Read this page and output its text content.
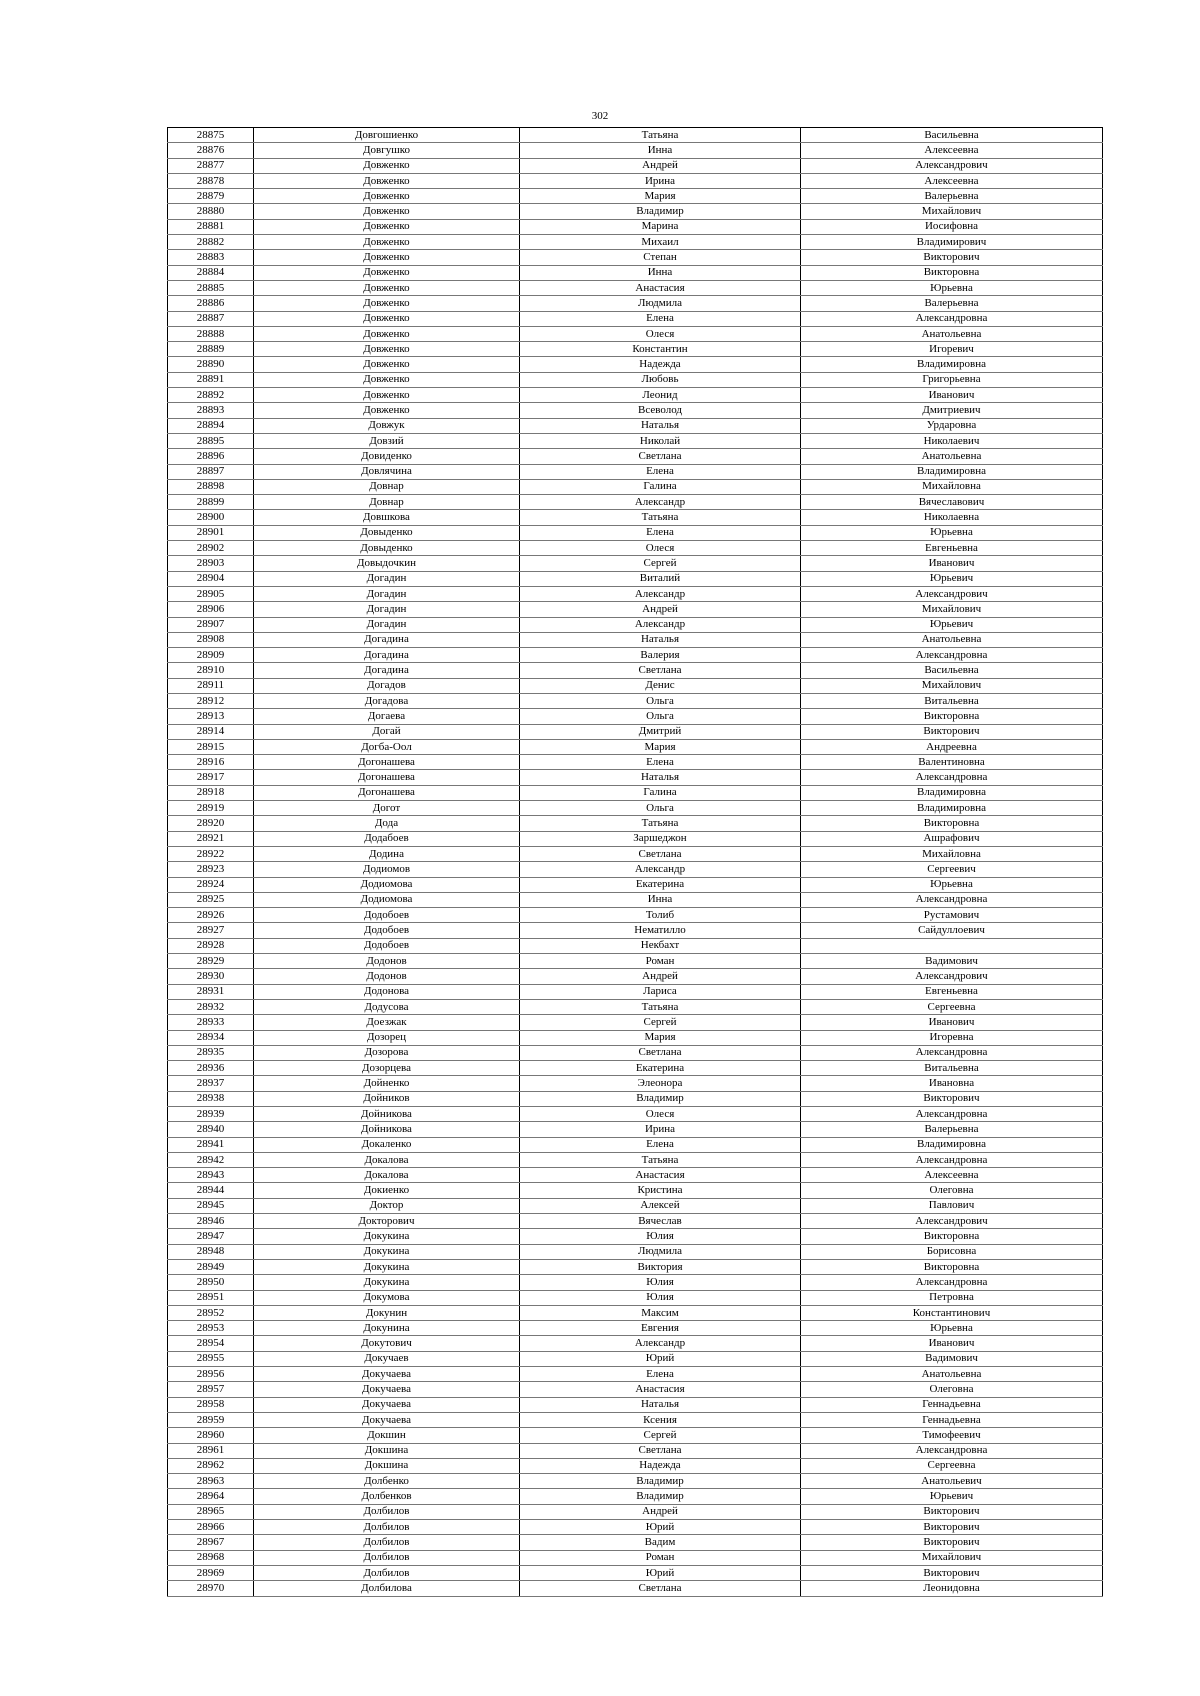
302
28875	Довгошиенко	Татьяна	Васильевна
28876	Довгушко	Инна	Алексеевна
28877	Довженко	Андрей	Александрович
28878	Довженко	Ирина	Алексеевна
28879	Довженко	Мария	Валерьевна
28880	Довженко	Владимир	Михайлович
28881	Довженко	Марина	Иосифовна
28882	Довженко	Михаил	Владимирович
28883	Довженко	Степан	Викторович
28884	Довженко	Инна	Викторовна
28885	Довженко	Анастасия	Юрьевна
28886	Довженко	Людмила	Валерьевна
28887	Довженко	Елена	Александровна
28888	Довженко	Олеся	Анатольевна
28889	Довженко	Константин	Игоревич
28890	Довженко	Надежда	Владимировна
28891	Довженко	Любовь	Григорьевна
28892	Довженко	Леонид	Иванович
28893	Довженко	Всеволод	Дмитриевич
28894	Довжук	Наталья	Урдаровна
28895	Довзий	Николай	Николаевич
28896	Довиденко	Светлана	Анатольевна
28897	Довлячина	Елена	Владимировна
28898	Довнар	Галина	Михайловна
28899	Довнар	Александр	Вячеславович
28900	Довшкова	Татьяна	Николаевна
28901	Довыденко	Елена	Юрьевна
28902	Довыденко	Олеся	Евгеньевна
28903	Довыдочкин	Сергей	Иванович
28904	Догадин	Виталий	Юрьевич
28905	Догадин	Александр	Александрович
28906	Догадин	Андрей	Михайлович
28907	Догадин	Александр	Юрьевич
28908	Догадина	Наталья	Анатольевна
28909	Догадина	Валерия	Александровна
28910	Догадина	Светлана	Васильевна
28911	Догадов	Денис	Михайлович
28912	Догадова	Ольга	Витальевна
28913	Догаева	Ольга	Викторовна
28914	Догай	Дмитрий	Викторович
28915	Догба-Оол	Мария	Андреевна
28916	Догонашева	Елена	Валентиновна
28917	Догонашева	Наталья	Александровна
28918	Догонашева	Галина	Владимировна
28919	Догот	Ольга	Владимировна
28920	Дода	Татьяна	Викторовна
28921	Додабоев	Заршеджон	Ашрафович
28922	Додина	Светлана	Михайловна
28923	Додиомов	Александр	Сергеевич
28924	Додиомова	Екатерина	Юрьевна
28925	Додиомова	Инна	Александровна
28926	Додобоев	Толиб	Рустамович
28927	Додобоев	Нематилло	Сайдуллоевич
28928	Додобоев	Некбахт	
28929	Додонов	Роман	Вадимович
28930	Додонов	Андрей	Александрович
28931	Додонова	Лариса	Евгеньевна
28932	Додусова	Татьяна	Сергеевна
28933	Доезжак	Сергей	Иванович
28934	Дозорец	Мария	Игоревна
28935	Дозорова	Светлана	Александровна
28936	Дозорцева	Екатерина	Витальевна
28937	Дойненко	Элеонора	Ивановна
28938	Дойников	Владимир	Викторович
28939	Дойникова	Олеся	Александровна
28940	Дойникова	Ирина	Валерьевна
28941	Докаленко	Елена	Владимировна
28942	Докалова	Татьяна	Александровна
28943	Докалова	Анастасия	Алексеевна
28944	Докиенко	Кристина	Олеговна
28945	Доктор	Алексей	Павлович
28946	Докторович	Вячеслав	Александрович
28947	Докукина	Юлия	Викторовна
28948	Докукина	Людмила	Борисовна
28949	Докукина	Виктория	Викторовна
28950	Докукина	Юлия	Александровна
28951	Докумова	Юлия	Петровна
28952	Докунин	Максим	Константинович
28953	Докунина	Евгения	Юрьевна
28954	Докутович	Александр	Иванович
28955	Докучаев	Юрий	Вадимович
28956	Докучаева	Елена	Анатольевна
28957	Докучаева	Анастасия	Олеговна
28958	Докучаева	Наталья	Геннадьевна
28959	Докучаева	Ксения	Геннадьевна
28960	Докшин	Сергей	Тимофеевич
28961	Докшина	Светлана	Александровна
28962	Докшина	Надежда	Сергеевна
28963	Долбенко	Владимир	Анатольевич
28964	Долбенков	Владимир	Юрьевич
28965	Долбилов	Андрей	Викторович
28966	Долбилов	Юрий	Викторович
28967	Долбилов	Вадим	Викторович
28968	Долбилов	Роман	Михайлович
28969	Долбилов	Юрий	Викторович
28970	Долбилова	Светлана	Леонидовна
